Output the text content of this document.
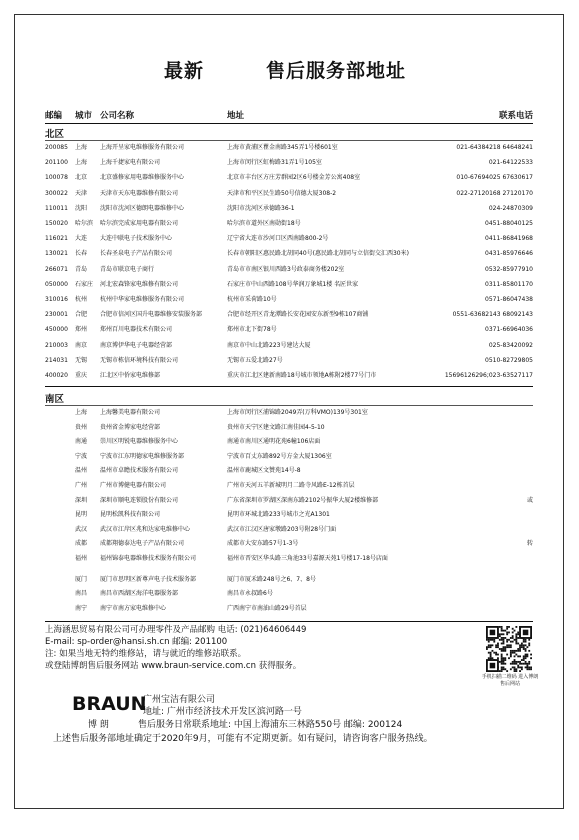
最新	售后服务部地址
邮编 城市 公司名称	地址	联系电话
北区
200085	上海	上海开呈家电维修服务有限公司	上海市黄浦区瞿金南路345弄1号楼601室	021-64384218 64648241
201100	上海	上海千捷家电有限公司	上海市闵行区虹梅路31弄1号105室	021-64122533
100078	北京	北京盛修家用电器维修服务中心	北京市丰台区方庄芳群园2区6号楼金芳公寓408室	010-67694025 67630617
300022	天津	天津市天东电器维修有限公司	天津市和平区民生路50号信德大厦308-2	022-27120168 27120170
110011	沈阳	沈阳市沈河区德朗电器维修中心	沈阳市沈河区承德路36-1	024-24870309
150020	哈尔滨	哈尔滨完成家用电器有限公司	哈尔滨市道外区南勋街18号	0451-88040125
116021	大连	大连中联电子技术服务中心	辽宁省大连市沙河口区西南路800-2号	0411-86841968
130021	长春	长春圣泉电子产品有限公司	长春市朝阳区惠民路北胡同40号(惠民路北胡同与立信街交汇西30米)	0431-85976646
266071	青岛	青岛市联京电子商行	青岛市市南区银川西路3号政泰商务楼202室	0532-85977910
050000	石家庄	河北宏森锋家电维修有限公司	石家庄市中山西路108号华润万象城1楼 名匠世家	0311-85801170
310016	杭州	杭州中华家电维修服务有限公司	杭州市采荷路10号	0571-86047438
230001	合肥	合肥市信河区国升电器维修安装服务部	合肥市经开区青龙潭路长安花园安东新型9栋107商铺	0551-63682143 68092143
450000	郑州	郑州百川电器技术有限公司	郑州市北下街78号	0371-66964036
210003	南京	南京博伊华电子电器经营部	南京市中山北路223号建达大厦	025-83420092
214031	无锡	无锡市栋信环境科技有限公司	无锡市五爱北路27号	0510-82729805
400020	重庆	江北区中侨家电维修部	重庆市江北区建新南路18号城市领地A栋附2楼77号门市	15696126296;023-63527117
南区
上海	上海馨美电器有限公司	上海市闵行区浦锦路2049弄(万科VMO)139号301室
贵州	贵州省金博家电经营部	贵州市天宁区建文路江南佳园4-5-10
南通	崇川区明锐电器维修服务中心	南通市南川区通明花苑6幢106店面
宁波	宁波市江东明德家电维修服务部	宁波市百丈东路892号方金大厦1306室
温州	温州市卓瞻技术服务有限公司	温州市鹿城区文赞苑14号-8
广州	广州市博健电器有限公司	广州市天河五羊新城明月二路寺风路E-12栋首层
深圳	深圳市顺电连锁股份有限公司	广东省深圳市罗湖区深南东路2102号振华大厦2楼维修部	或
昆明	昆明松凯科技有限公司	昆明市环城北路233号城市之光A1301
武汉	武汉市江岸区兆和达家电维修中心	武汉市江汉区唐家墩路203号附28号门面
成都	成都翔德泰达电子产品有限公司	成都市大安东路57号1-3号	转
福州	福州锦泰电器维修技术服务有限公司	福州市晋安区华头路三角池33号嘉源天苑1号楼17-18号店面
厦门	厦门市思明区新尊声电子技术服务部	厦门市厦禾路248号之6、7、8号
南昌	南昌市西湖区海洋电器服务部	南昌市永叔路6号
南宁	南宁市南方家电维修中心	广西南宁市南油山路29号首层
上海涵思贸易有限公司可办理零件及产品邮购 电话: (021)64606449
E-mail: sp-order@hansi.sh.cn 邮编: 201100
注: 如果当地无特约维修站，请与就近的维修站联系。
或登陆博朗售后服务网站 www.braun-service.com.cn 获得服务。
手机扫描二维码 进入博朗售后网站
BRAUN
广州宝洁有限公司
地址: 广州市经济技术开发区滨河路一号
博 朗	售后服务日常联系地址: 中国上海浦东三林路550号 邮编: 200124
上述售后服务部地址确定于2020年9月，可能有不定期更新。如有疑问，请咨询客户服务热线。
